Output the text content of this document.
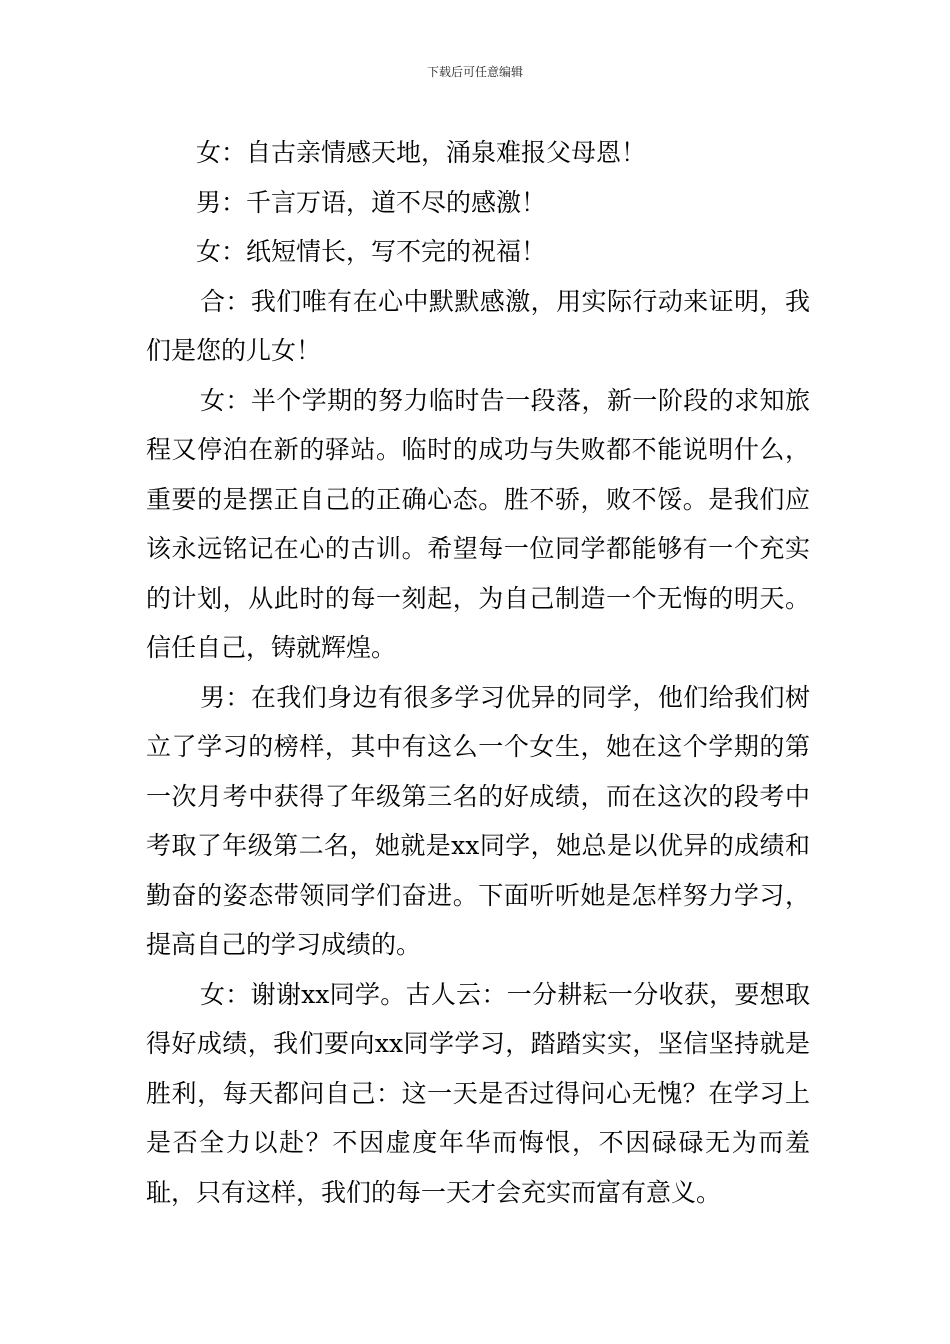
下载后可任意编辑

女：自古亲情感天地，涌泉难报父母恩！

男：千言万语，道不尽的感激！

女：纸短情长，写不完的祝福！

合：我们唯有在心中默默感激，用实际行动来证明，我们是您的儿女！

女：半个学期的努力临时告一段落，新一阶段的求知旅程又停泊在新的驿站。临时的成功与失败都不能说明什么，重要的是摆正自己的正确心态。胜不骄，败不馁。是我们应该永远铭记在心的古训。希望每一位同学都能够有一个充实的计划，从此时的每一刻起，为自己制造一个无悔的明天。信任自己，铸就辉煌。

男：在我们身边有很多学习优异的同学，他们给我们树立了学习的榜样，其中有这么一个女生，她在这个学期的第一次月考中获得了年级第三名的好成绩，而在这次的段考中考取了年级第二名，她就是xx同学，她总是以优异的成绩和勤奋的姿态带领同学们奋进。下面听听她是怎样努力学习，提高自己的学习成绩的。

女：谢谢xx同学。古人云：一分耕耘一分收获，要想取得好成绩，我们要向xx同学学习，踏踏实实，坚信坚持就是胜利，每天都问自己：这一天是否过得问心无愧？在学习上是否全力以赴？不因虚度年华而悔恨，不因碌碌无为而羞耻，只有这样，我们的每一天才会充实而富有意义。
